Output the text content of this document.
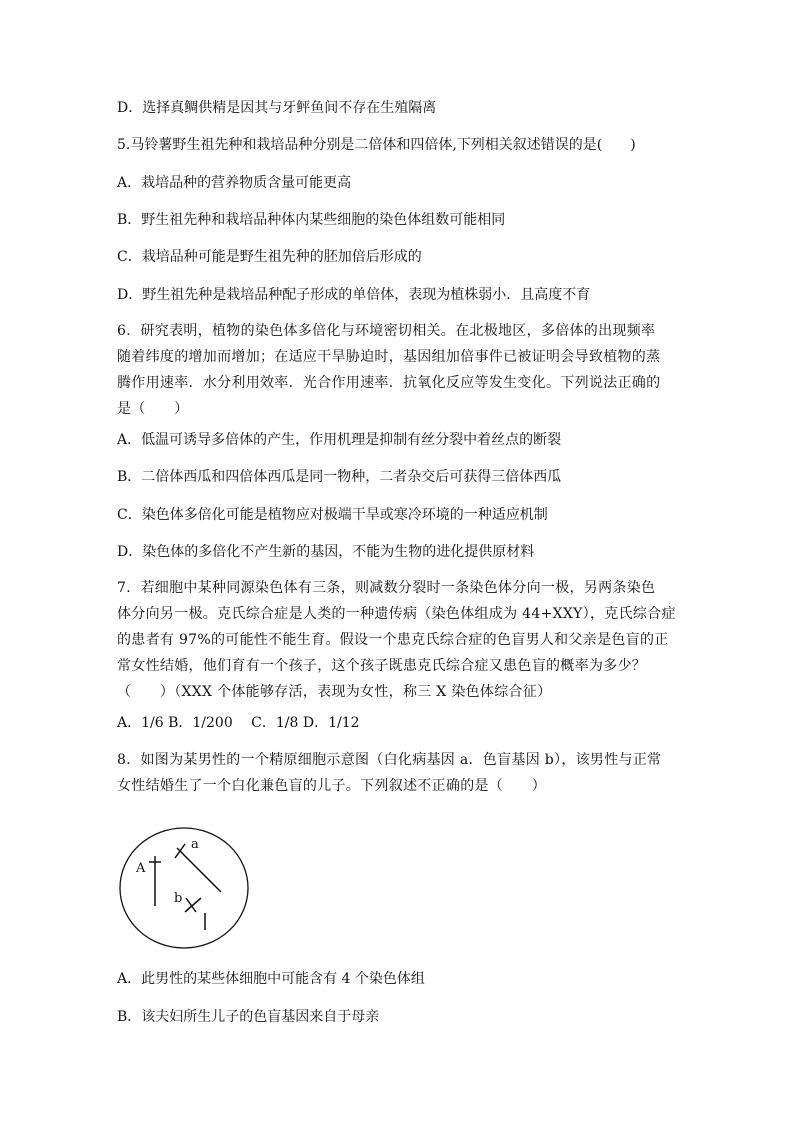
D．选择真鲷供精是因其与牙鲆鱼间不存在生殖隔离
5.马铃薯野生祖先种和栽培品种分别是二倍体和四倍体,下列相关叙述错误的是(　　)
A．栽培品种的营养物质含量可能更高
B．野生祖先种和栽培品种体内某些细胞的染色体组数可能相同
C．栽培品种可能是野生祖先种的胚加倍后形成的
D．野生祖先种是栽培品种配子形成的单倍体，表现为植株弱小．且高度不育
6．研究表明，植物的染色体多倍化与环境密切相关。在北极地区，多倍体的出现频率
随着纬度的增加而增加；在适应干旱胁迫时，基因组加倍事件已被证明会导致植物的蒸
腾作用速率．水分利用效率．光合作用速率．抗氧化反应等发生变化。下列说法正确的
是（　　）
A．低温可诱导多倍体的产生，作用机理是抑制有丝分裂中着丝点的断裂
B．二倍体西瓜和四倍体西瓜是同一物种，二者杂交后可获得三倍体西瓜
C．染色体多倍化可能是植物应对极端干旱或寒冷环境的一种适应机制
D．染色体的多倍化不产生新的基因，不能为生物的进化提供原材料
7．若细胞中某种同源染色体有三条，则减数分裂时一条染色体分向一极，另两条染色
体分向另一极。克氏综合症是人类的一种遗传病（染色体组成为 44+XXY），克氏综合症
的患者有 97%的可能性不能生育。假设一个患克氏综合症的色盲男人和父亲是色盲的正
常女性结婚，他们育有一个孩子，这个孩子既患克氏综合症又患色盲的概率为多少？
（　　）（XXX 个体能够存活，表现为女性，称三 X 染色体综合征）
A．1/6 B．1/200　 C．1/8 D．1/12
8．如图为某男性的一个精原细胞示意图（白化病基因 a．色盲基因 b），该男性与正常
女性结婚生了一个白化兼色盲的儿子。下列叙述不正确的是（　　）
A
a
b
A．此男性的某些体细胞中可能含有 4 个染色体组
B．该夫妇所生儿子的色盲基因来自于母亲
